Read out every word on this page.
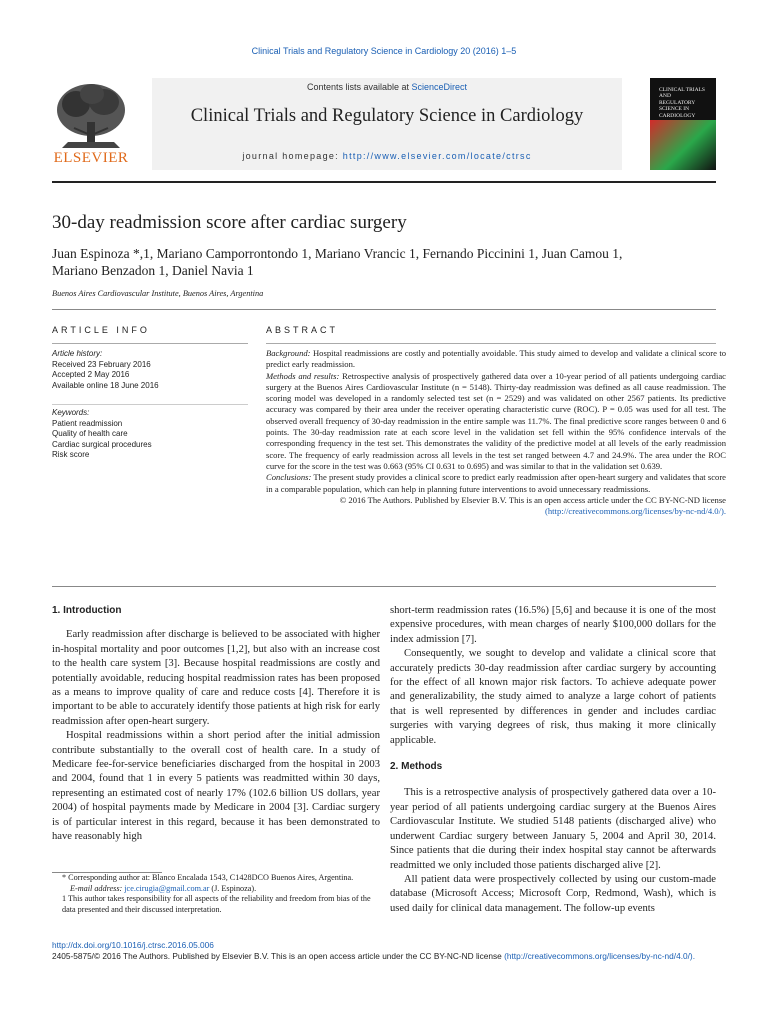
Clinical Trials and Regulatory Science in Cardiology 20 (2016) 1–5
ELSEVIER
Contents lists available at ScienceDirect
Clinical Trials and Regulatory Science in Cardiology
journal homepage: http://www.elsevier.com/locate/ctrsc
CLINICAL TRIALS
AND
REGULATORY
SCIENCE IN
CARDIOLOGY
30-day readmission score after cardiac surgery
Juan Espinoza *,1, Mariano Camporrontondo 1, Mariano Vrancic 1, Fernando Piccinini 1, Juan Camou 1,
Mariano Benzadon 1, Daniel Navia 1
Buenos Aires Cardiovascular Institute, Buenos Aires, Argentina
ARTICLE INFO	ABSTRACT
Article history:
Received 23 February 2016
Accepted 2 May 2016
Available online 18 June 2016
Keywords:
Patient readmission
Quality of health care
Cardiac surgical procedures
Risk score

Background: Hospital readmissions are costly and potentially avoidable. This study aimed to develop and validate a clinical score to predict early readmission.

Methods and results: Retrospective analysis of prospectively gathered data over a 10-year period of all patients undergoing cardiac surgery at the Buenos Aires Cardiovascular Institute (n = 5148). Thirty-day readmission was defined as all cause readmission. The scoring model was developed in a randomly selected test set (n = 2529) and was validated on other 2567 patients. Its predictive accuracy was compared by their area under the receiver operating characteristic curve (ROC). P = 0.05 was used for all test. The observed overall frequency of 30-day readmission in the entire sample was 11.7%. The final predictive score ranges between 0 and 6 points. The 30-day readmission rate at each score level in the validation set fell within the 95% confidence intervals of the corresponding frequency in the test set. This demonstrates the validity of the predictive model at all levels of the early readmission score. The frequency of early readmission across all levels in the test set ranged between 4.7 and 24.9%. The area under the ROC curve for the score in the test was 0.663 (95% CI 0.631 to 0.695) and was similar to that in the validation set 0.639.

Conclusions: The present study provides a clinical score to predict early readmission after open-heart surgery and validates that score in a comparable population, which can help in planning future interventions to avoid unnecessary readmissions.

© 2016 The Authors. Published by Elsevier B.V. This is an open access article under the CC BY-NC-ND license
(http://creativecommons.org/licenses/by-nc-nd/4.0/).

1. Introduction

Early readmission after discharge is believed to be associated with higher in-hospital mortality and poor outcomes [1,2], but also with an increase cost to the health care system [3]. Because hospital readmissions are costly and potentially avoidable, reducing hospital readmission rates has been proposed as a means to improve quality of care and reduce costs [4]. Therefore it is important to be able to accurately identify those patients at high risk for early readmission after open-heart surgery.

Hospital readmissions within a short period after the initial admission contribute substantially to the overall cost of health care. In a study of Medicare fee-for-service beneficiaries discharged from the hospital in 2003 and 2004, found that 1 in every 5 patients was readmitted within 30 days, representing an estimated cost of nearly 17% (102.6 billion US dollars, year 2004) of hospital payments made by Medicare in 2004 [3]. Cardiac surgery is of particular interest in this regard, because it has been demonstrated to have reasonably high

short-term readmission rates (16.5%) [5,6] and because it is one of the most expensive procedures, with mean charges of nearly $100,000 dollars for the index admission [7].

Consequently, we sought to develop and validate a clinical score that accurately predicts 30-day readmission after cardiac surgery by accounting for the effect of all known major risk factors. To achieve adequate power and generalizability, the study aimed to analyze a large cohort of patients that is well represented by differences in gender and includes cardiac surgeries with varying degrees of risk, thus making it more clinically applicable.

2. Methods

This is a retrospective analysis of prospectively gathered data over a 10-year period of all patients undergoing cardiac surgery at the Buenos Aires Cardiovascular Institute. We studied 5148 patients (discharged alive) who underwent Cardiac surgery between January 5, 2004 and April 30, 2014. Since patients that die during their index hospital stay cannot be afterwards readmitted we only included those patients discharged alive [2].

All patient data were prospectively collected by using our custom-made database (Microsoft Access; Microsoft Corp, Redmond, Wash), which is used daily for clinical data management. The follow-up events

* Corresponding author at: Blanco Encalada 1543, C1428DCO Buenos Aires, Argentina.
E-mail address: jce.cirugia@gmail.com.ar (J. Espinoza).
1 This author takes responsibility for all aspects of the reliability and freedom from bias of the data presented and their discussed interpretation.
http://dx.doi.org/10.1016/j.ctrsc.2016.05.006
2405-5875/© 2016 The Authors. Published by Elsevier B.V. This is an open access article under the CC BY-NC-ND license (http://creativecommons.org/licenses/by-nc-nd/4.0/).
